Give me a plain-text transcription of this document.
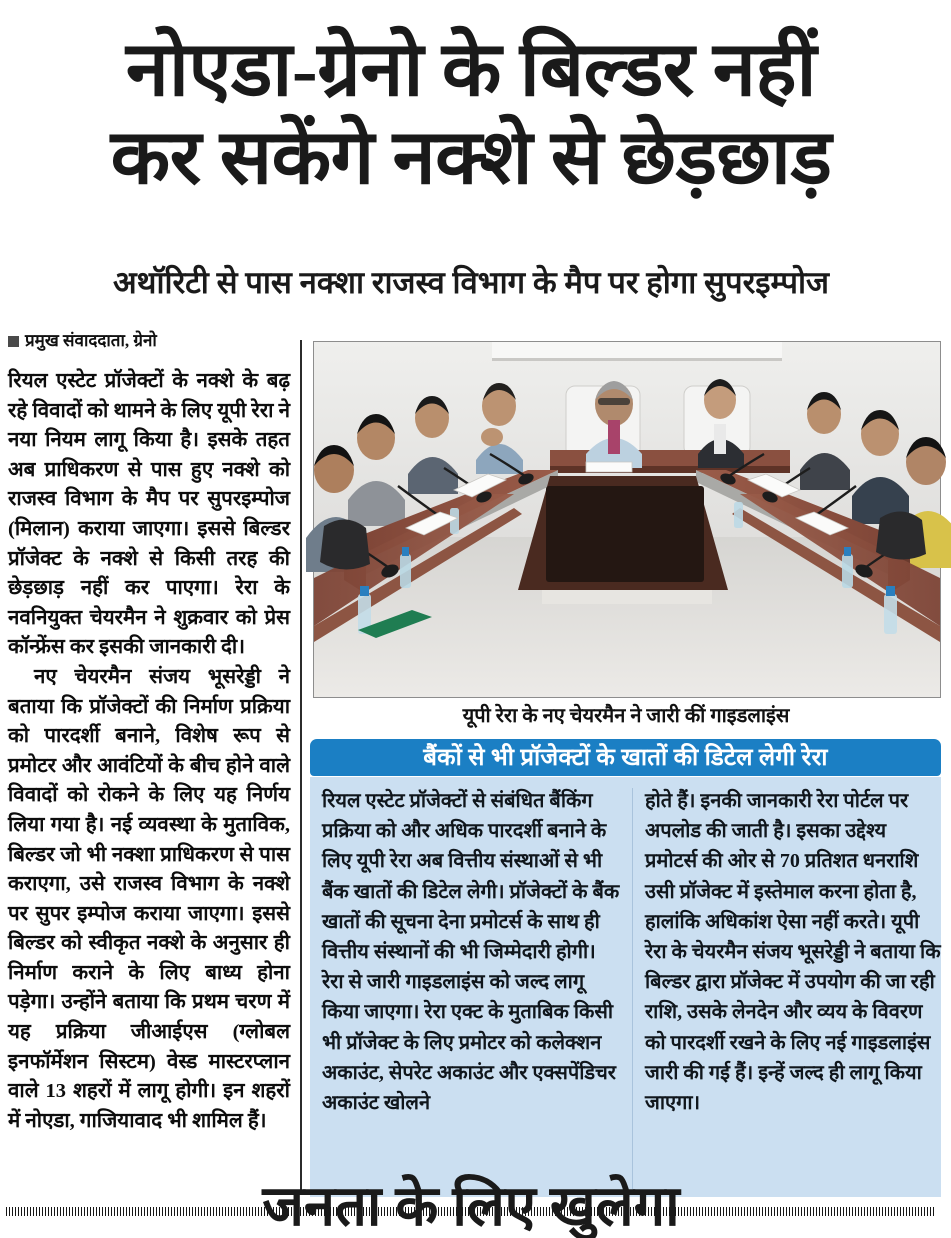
नोएडा-ग्रेनो के बिल्डर नहीं
कर सकेंगे नक्शे से छेड़छाड़
अथॉरिटी से पास नक्शा राजस्व विभाग के मैप पर होगा सुपरइम्पोज
प्रमुख संवाददाता, ग्रेनो

रियल एस्टेट प्रॉजेक्टों के नक्शे के बढ़ रहे विवादों को थामने के लिए यूपी रेरा ने नया नियम लागू किया है। इसके तहत अब प्राधिकरण से पास हुए नक्शे को राजस्व विभाग के मैप पर सुपरइम्पोज (मिलान) कराया जाएगा। इससे बिल्डर प्रॉजेक्ट के नक्शे से किसी तरह की छेड़छाड़ नहीं कर पाएगा। रेरा के नवनियुक्त चेयरमैन ने शुक्रवार को प्रेस कॉन्फ्रेंस कर इसकी जानकारी दी।

नए चेयरमैन संजय भूसरेड्डी ने बताया कि प्रॉजेक्टों की निर्माण प्रक्रिया को पारदर्शी बनाने, विशेष रूप से प्रमोटर और आवंटियों के बीच होने वाले विवादों को रोकने के लिए यह निर्णय लिया गया है। नई व्यवस्था के मुताविक, बिल्डर जो भी नक्शा प्राधिकरण से पास कराएगा, उसे राजस्व विभाग के नक्शे पर सुपर इम्पोज कराया जाएगा। इससे बिल्डर को स्वीकृत नक्शे के अनुसार ही निर्माण कराने के लिए बाध्य होना पड़ेगा। उन्होंने बताया कि प्रथम चरण में यह प्रक्रिया जीआईएस (ग्लोबल इनफॉर्मेशन सिस्टम) वेस्ड मास्टरप्लान वाले 13 शहरों में लागू होगी। इन शहरों में नोएडा, गाजियावाद भी शामिल हैं।

यूपी रेरा के नए चेयरमैन ने जारी कीं गाइडलाइंस
बैंकों से भी प्रॉजेक्टों के खातों की डिटेल लेगी रेरा

रियल एस्टेट प्रॉजेक्टों से संबंधित बैंकिंग प्रक्रिया को और अधिक पारदर्शी बनाने के लिए यूपी रेरा अब वित्तीय संस्थाओं से भी बैंक खातों की डिटेल लेगी। प्रॉजेक्टों के बैंक खातों की सूचना देना प्रमोटर्स के साथ ही वित्तीय संस्थानों की भी जिम्मेदारी होगी। रेरा से जारी गाइडलाइंस को जल्द लागू किया जाएगा। रेरा एक्ट के मुताबिक किसी भी प्रॉजेक्ट के लिए प्रमोटर को कलेक्शन अकाउंट, सेपरेट अकाउंट और एक्सपेंडिचर अकाउंट खोलने

होते हैं। इनकी जानकारी रेरा पोर्टल पर अपलोड की जाती है। इसका उद्देश्य प्रमोटर्स की ओर से 70 प्रतिशत धनराशि उसी प्रॉजेक्ट में इस्तेमाल करना होता है, हालांकि अधिकांश ऐसा नहीं करते। यूपी रेरा के चेयरमैन संजय भूसरेड्डी ने बताया कि बिल्डर द्वारा प्रॉजेक्ट में उपयोग की जा रही राशि, उसके लेनदेन और व्यय के विवरण को पारदर्शी रखने के लिए नई गाइडलाइंस जारी की गई हैं। इन्हें जल्द ही लागू किया जाएगा।

जनता के लिए खुलेगा
